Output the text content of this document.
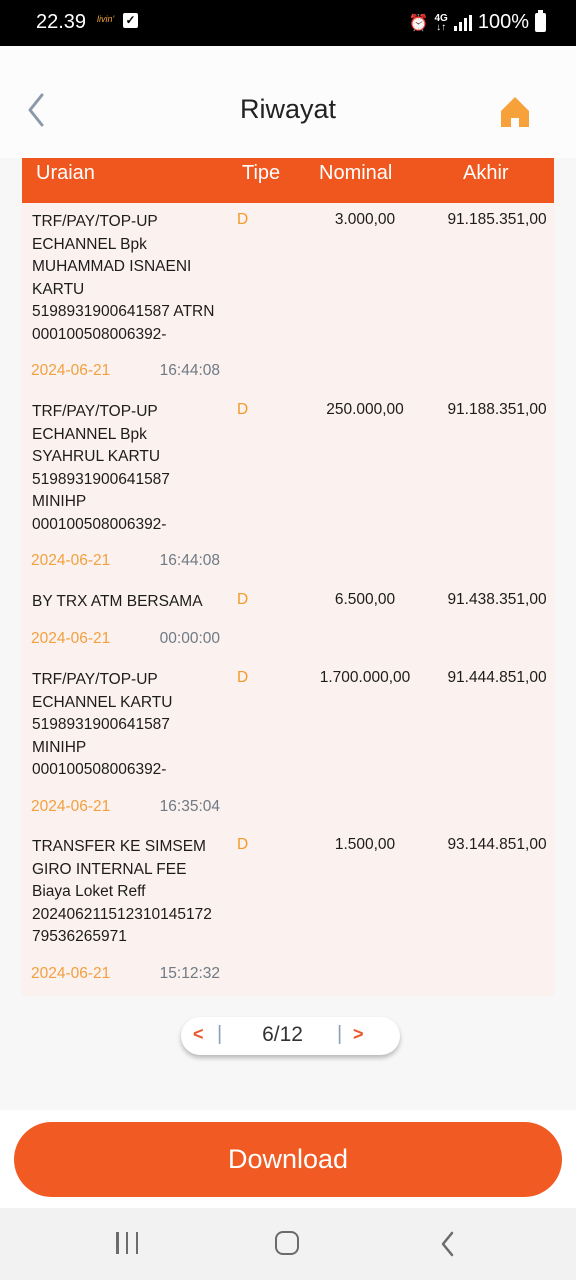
22.39 livin' ✓	⏰ 4G
↓↑ 100%
Riwayat
Uraian	Tipe Nominal	Akhir
TRF/PAY/TOP-UP
ECHANNEL Bpk
MUHAMMAD ISNAENI
KARTU
5198931900641587 ATRN
000100508006392-
D	3.000,00	91.185.351,00
2024-06-21	16:44:08
TRF/PAY/TOP-UP
ECHANNEL Bpk
SYAHRUL KARTU
5198931900641587
MINIHP
000100508006392-
D	250.000,00	91.188.351,00
2024-06-21	16:44:08
BY TRX ATM BERSAMA	D	6.500,00	91.438.351,00
2024-06-21	00:00:00
TRF/PAY/TOP-UP
ECHANNEL KARTU
5198931900641587
MINIHP
000100508006392-
D	1.700.000,00	91.444.851,00
2024-06-21	16:35:04
TRANSFER KE SIMSEM
GIRO INTERNAL FEE
Biaya Loket Reff
20240621151231014517​2
79536265971
D	1.500,00	93.144.851,00
2024-06-21	15:12:32
< |	6/12	| >
Download
